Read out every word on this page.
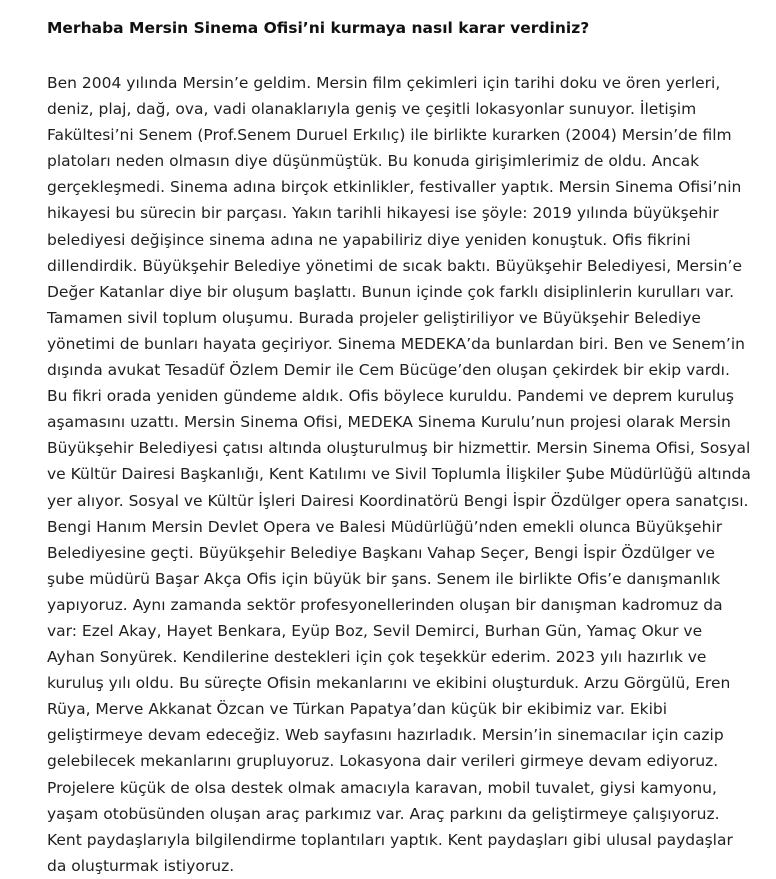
Merhaba Mersin Sinema Ofisi’ni kurmaya nasıl karar verdiniz?

Ben 2004 yılında Mersin’e geldim. Mersin film çekimleri için tarihi doku ve ören yerleri, deniz, plaj, dağ, ova, vadi olanaklarıyla geniş ve çeşitli lokasyonlar sunuyor. İletişim Fakültesi’ni Senem (Prof.Senem Duruel Erkılıç) ile birlikte kurarken (2004) Mersin’de film platoları neden olmasın diye düşünmüştük. Bu konuda girişimlerimiz de oldu. Ancak gerçekleşmedi. Sinema adına birçok etkinlikler, festivaller yaptık. Mersin Sinema Ofisi’nin hikayesi bu sürecin bir parçası. Yakın tarihli hikayesi ise şöyle: 2019 yılında büyükşehir belediyesi değişince sinema adına ne yapabiliriz diye yeniden konuştuk. Ofis fikrini dillendirdik. Büyükşehir Belediye yönetimi de sıcak baktı. Büyükşehir Belediyesi, Mersin’e Değer Katanlar diye bir oluşum başlattı. Bunun içinde çok farklı disiplinlerin kurulları var. Tamamen sivil toplum oluşumu. Burada projeler geliştiriliyor ve Büyükşehir Belediye yönetimi de bunları hayata geçiriyor. Sinema MEDEKA’da bunlardan biri. Ben ve Senem’in dışında avukat Tesadüf Özlem Demir ile Cem Bücüge’den oluşan çekirdek bir ekip vardı. Bu fikri orada yeniden gündeme aldık. Ofis böylece kuruldu. Pandemi ve deprem kuruluş aşamasını uzattı. Mersin Sinema Ofisi, MEDEKA Sinema Kurulu’nun projesi olarak Mersin Büyükşehir Belediyesi çatısı altında oluşturulmuş bir hizmettir. Mersin Sinema Ofisi, Sosyal ve Kültür Dairesi Başkanlığı, Kent Katılımı ve Sivil Toplumla İlişkiler Şube Müdürlüğü altında yer alıyor. Sosyal ve Kültür İşleri Dairesi Koordinatörü Bengi İspir Özdülger opera sanatçısı. Bengi Hanım Mersin Devlet Opera ve Balesi Müdürlüğü’nden emekli olunca Büyükşehir Belediyesine geçti. Büyükşehir Belediye Başkanı Vahap Seçer, Bengi İspir Özdülger ve şube müdürü Başar Akça Ofis için büyük bir şans. Senem ile birlikte Ofis’e danışmanlık yapıyoruz. Aynı zamanda sektör profesyonellerinden oluşan bir danışman kadromuz da var: Ezel Akay, Hayet Benkara, Eyüp Boz, Sevil Demirci, Burhan Gün, Yamaç Okur ve Ayhan Sonyürek. Kendilerine destekleri için çok teşekkür ederim. 2023 yılı hazırlık ve kuruluş yılı oldu. Bu süreçte Ofisin mekanlarını ve ekibini oluşturduk. Arzu Görgülü, Eren Rüya, Merve Akkanat Özcan ve Türkan Papatya’dan küçük bir ekibimiz var. Ekibi geliştirmeye devam edeceğiz. Web sayfasını hazırladık. Mersin’in sinemacılar için cazip gelebilecek mekanlarını grupluyoruz. Lokasyona dair verileri girmeye devam ediyoruz. Projelere küçük de olsa destek olmak amacıyla karavan, mobil tuvalet, giysi kamyonu, yaşam otobüsünden oluşan araç parkımız var. Araç parkını da geliştirmeye çalışıyoruz. Kent paydaşlarıyla bilgilendirme toplantıları yaptık. Kent paydaşları gibi ulusal paydaşlar da oluşturmak istiyoruz.
